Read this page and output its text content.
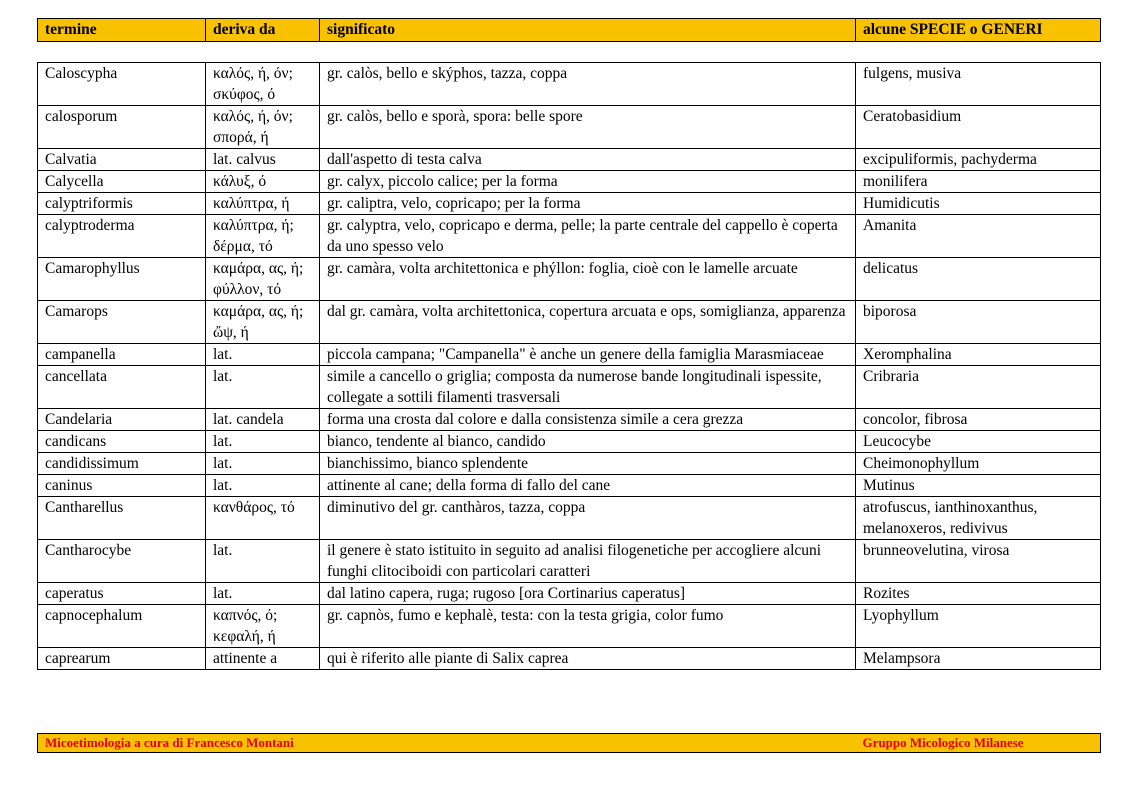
termine	deriva da	significato	alcune SPECIE o GENERI
Caloscypha	καλός, ή, όν; σκύφος, ό	gr. calòs, bello e skýphos, tazza, coppa	fulgens, musiva
calosporum	καλός, ή, όν; σπορά, ή	gr. calòs, bello e sporà, spora: belle spore	Ceratobasidium
Calvatia	lat. calvus	dall'aspetto di testa calva	excipuliformis, pachyderma
Calycella	κάλυξ, ό	gr. calyx, piccolo calice; per la forma	monilifera
calyptriformis	καλύπτρα, ή	gr. caliptra, velo, copricapo; per la forma	Humidicutis
calyptroderma	καλύπτρα, ή; δέρμα, τό	gr. calyptra, velo, copricapo e derma, pelle; la parte centrale del cappello è coperta da uno spesso velo	Amanita
Camarophyllus	καμάρα, ας, ή; φύλλον, τό	gr. camàra, volta architettonica e phýllon: foglia, cioè con le lamelle arcuate	delicatus
Camarops	καμάρα, ας, ή; ὤψ, ή	dal gr. camàra, volta architettonica, copertura arcuata e ops, somiglianza, apparenza	biporosa
campanella	lat.	piccola campana; "Campanella" è anche un genere della famiglia Marasmiaceae	Xeromphalina
cancellata	lat.	simile a cancello o griglia; composta da numerose bande longitudinali ispessite, collegate a sottili filamenti trasversali	Cribraria
Candelaria	lat. candela	forma una crosta dal colore e dalla consistenza simile a cera grezza	concolor, fibrosa
candicans	lat.	bianco, tendente al bianco, candido	Leucocybe
candidissimum	lat.	bianchissimo, bianco splendente	Cheimonophyllum
caninus	lat.	attinente al cane; della forma di fallo del cane	Mutinus
Cantharellus	κανθάρος, τό	diminutivo del gr. canthàros, tazza, coppa	atrofuscus, ianthinoxanthus, melanoxeros, redivivus
Cantharocybe	lat.	il genere è stato istituito in seguito ad analisi filogenetiche per accogliere alcuni funghi clitociboidi con particolari caratteri	brunneovelutina, virosa
caperatus	lat.	dal latino capera, ruga; rugoso [ora Cortinarius caperatus]	Rozites
capnocephalum	καπνός, ό; κεφαλή, ή	gr. capnòs, fumo e kephalè, testa: con la testa grigia, color fumo	Lyophyllum
caprearum	attinente a	qui è riferito alle piante di Salix caprea	Melampsora
Micoetimologia a cura di Francesco Montani	Gruppo Micologico Milanese
